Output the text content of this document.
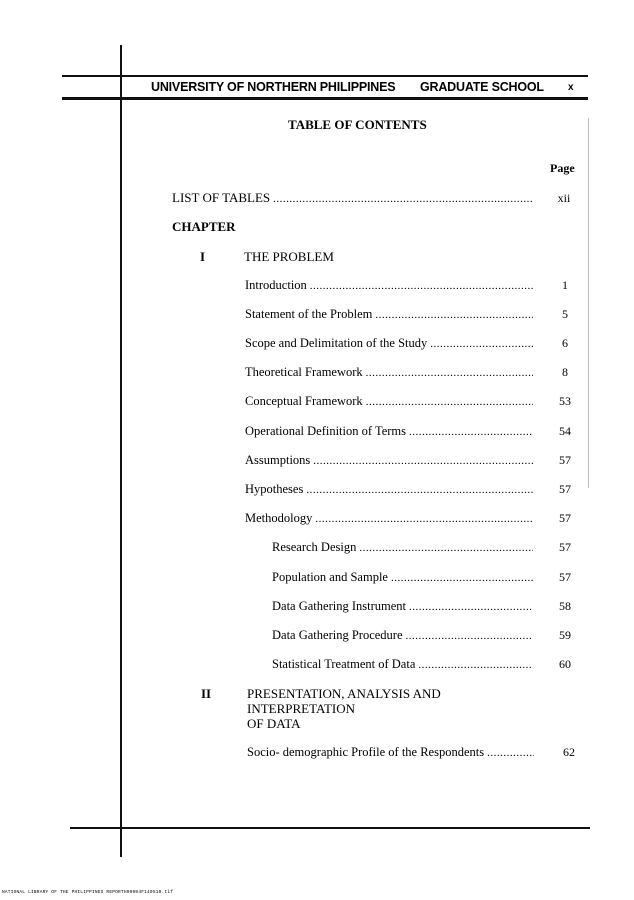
UNIVERSITY OF NORTHERN PHILIPPINES GRADUATE SCHOOL x
TABLE OF CONTENTS
Page
LIST OF TABLES .....	xii
CHAPTER
I	THE PROBLEM
Introduction .....	1
Statement of the Problem .....	5
Scope and Delimitation of the Study .....	6
Theoretical Framework .....	8
Conceptual Framework .....	53
Operational Definition of Terms .....	54
Assumptions .....	57
Hypotheses .....	57
Methodology .....	57
Research Design .....	57
Population and Sample .....	57
Data Gathering Instrument .....	58
Data Gathering Procedure .....	59
Statistical Treatment of Data .....	60
II	PRESENTATION, ANALYSIS AND
INTERPRETATION
OF DATA
Socio- demographic Profile of the Respondents .....	62
NATIONAL LIBRARY OF THE PHILIPPINES REPORTH09004F140510.tif
